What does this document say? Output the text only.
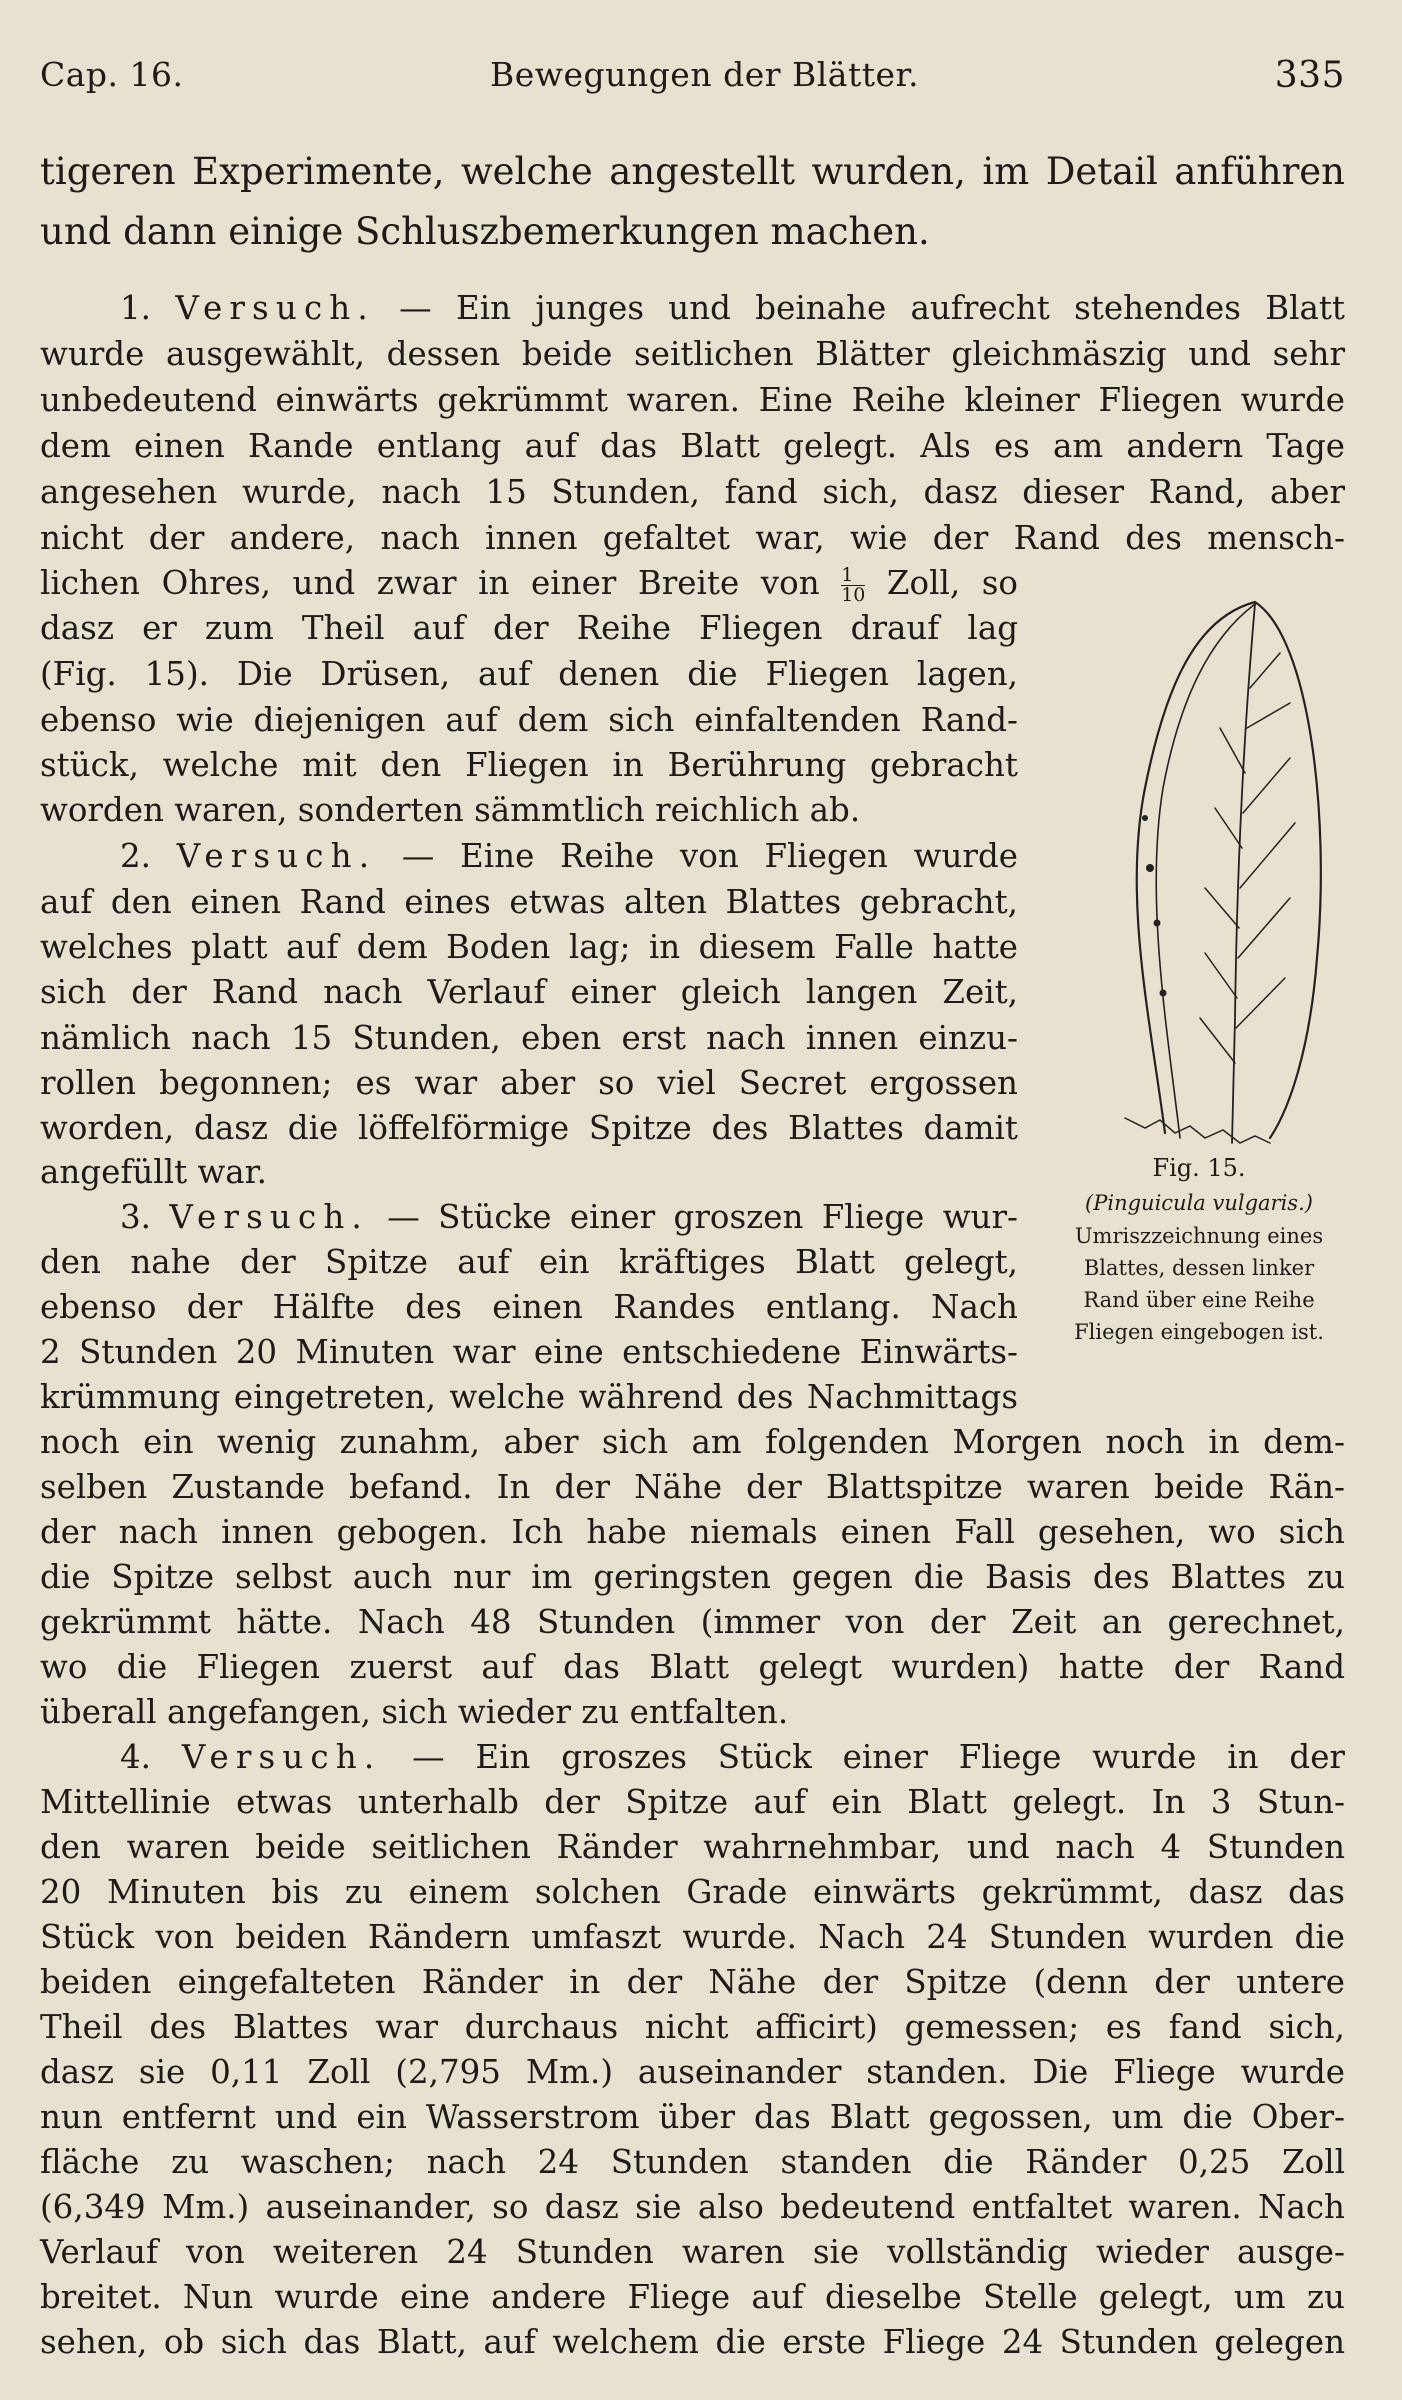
Cap. 16.	Bewegungen der Blätter.	335
tigeren Experimente, welche angestellt wurden, im Detail anführen
und dann einige Schluszbemerkungen machen.
1. Versuch. — Ein junges und beinahe aufrecht stehendes Blatt
wurde ausgewählt, dessen beide seitlichen Blätter gleichmäszig und sehr
unbedeutend einwärts gekrümmt waren. Eine Reihe kleiner Fliegen wurde
dem einen Rande entlang auf das Blatt gelegt. Als es am andern Tage
angesehen wurde, nach 15 Stunden, fand sich, dasz dieser Rand, aber
nicht der andere, nach innen gefaltet war, wie der Rand des mensch-
lichen Ohres, und zwar in einer Breite von $\frac{1}{10}$ Zoll, so
dasz er zum Theil auf der Reihe Fliegen drauf lag
(Fig. 15). Die Drüsen, auf denen die Fliegen lagen,
ebenso wie diejenigen auf dem sich einfaltenden Rand-
stück, welche mit den Fliegen in Berührung gebracht
worden waren, sonderten sämmtlich reichlich ab.
2. Versuch. — Eine Reihe von Fliegen wurde
auf den einen Rand eines etwas alten Blattes gebracht,
welches platt auf dem Boden lag; in diesem Falle hatte
sich der Rand nach Verlauf einer gleich langen Zeit,
nämlich nach 15 Stunden, eben erst nach innen einzu-
rollen begonnen; es war aber so viel Secret ergossen
worden, dasz die löffelförmige Spitze des Blattes damit
angefüllt war.
3. Versuch. — Stücke einer groszen Fliege wur-
den nahe der Spitze auf ein kräftiges Blatt gelegt,
ebenso der Hälfte des einen Randes entlang. Nach
2 Stunden 20 Minuten war eine entschiedene Einwärts-
krümmung eingetreten, welche während des Nachmittags
noch ein wenig zunahm, aber sich am folgenden Morgen noch in dem-
selben Zustande befand. In der Nähe der Blattspitze waren beide Rän-
der nach innen gebogen. Ich habe niemals einen Fall gesehen, wo sich
die Spitze selbst auch nur im geringsten gegen die Basis des Blattes zu
gekrümmt hätte. Nach 48 Stunden (immer von der Zeit an gerechnet,
wo die Fliegen zuerst auf das Blatt gelegt wurden) hatte der Rand
überall angefangen, sich wieder zu entfalten.
4. Versuch. — Ein groszes Stück einer Fliege wurde in der
Mittellinie etwas unterhalb der Spitze auf ein Blatt gelegt. In 3 Stun-
den waren beide seitlichen Ränder wahrnehmbar, und nach 4 Stunden
20 Minuten bis zu einem solchen Grade einwärts gekrümmt, dasz das
Stück von beiden Rändern umfaszt wurde. Nach 24 Stunden wurden die
beiden eingefalteten Ränder in der Nähe der Spitze (denn der untere
Theil des Blattes war durchaus nicht afficirt) gemessen; es fand sich,
dasz sie 0,11 Zoll (2,795 Mm.) auseinander standen. Die Fliege wurde
nun entfernt und ein Wasserstrom über das Blatt gegossen, um die Ober-
fläche zu waschen; nach 24 Stunden standen die Ränder 0,25 Zoll
(6,349 Mm.) auseinander, so dasz sie also bedeutend entfaltet waren. Nach
Verlauf von weiteren 24 Stunden waren sie vollständig wieder ausge-
breitet. Nun wurde eine andere Fliege auf dieselbe Stelle gelegt, um zu
sehen, ob sich das Blatt, auf welchem die erste Fliege 24 Stunden gelegen
Fig. 15.
(Pinguicula vulgaris.)
Umriszzeichnung eines
Blattes, dessen linker
Rand über eine Reihe
Fliegen eingebogen ist.
